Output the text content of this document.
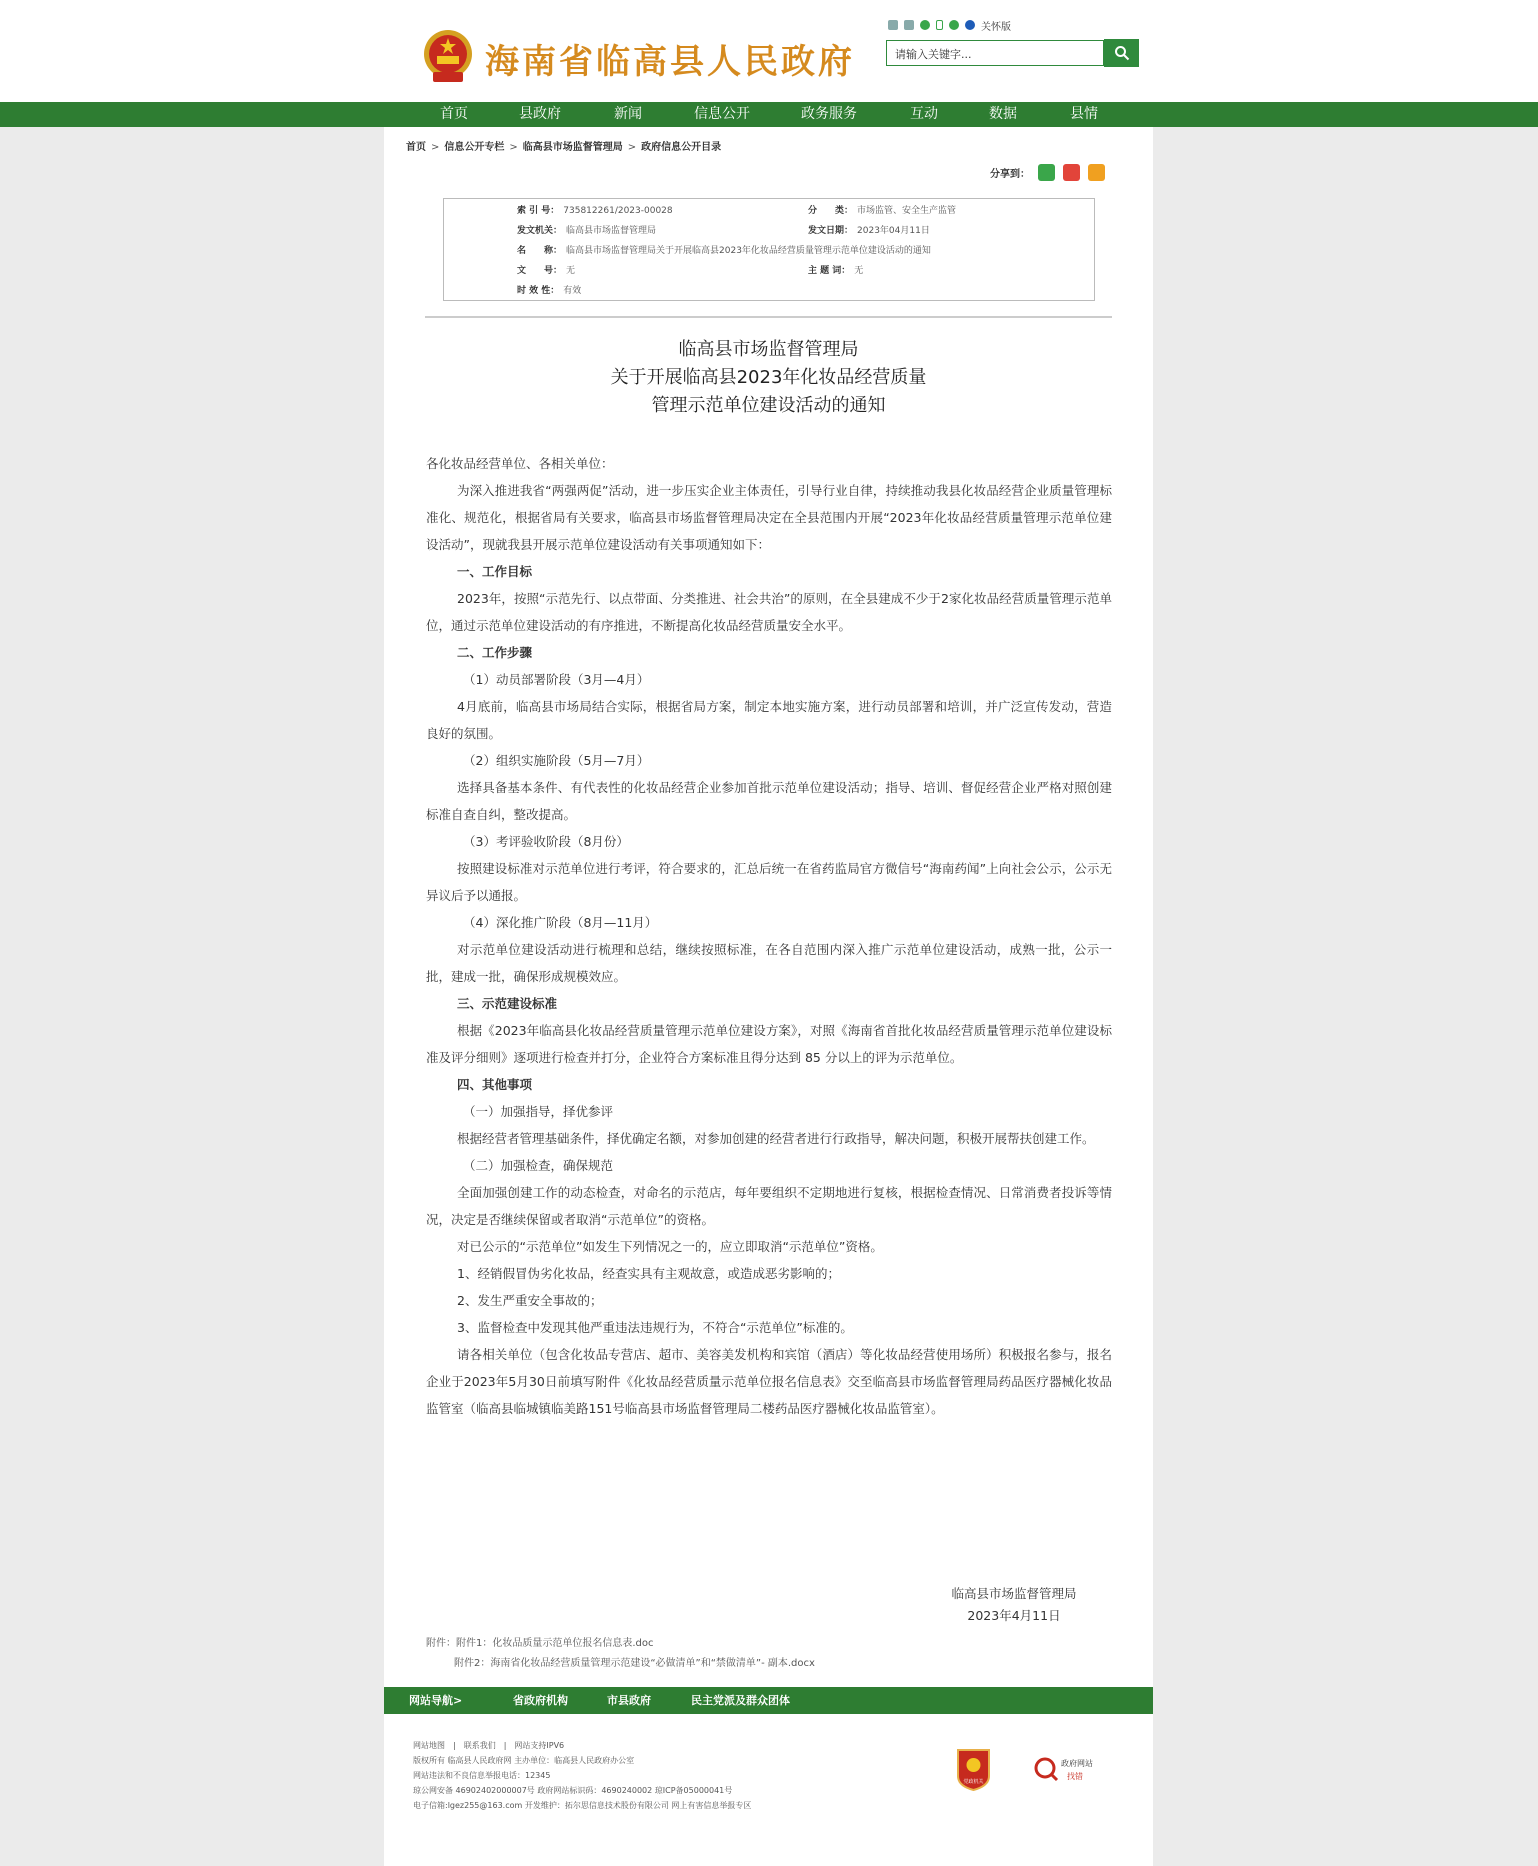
海南省临高县人民政府
关怀版
请输入关键字...
首页	县政府	新闻	信息公开	政务服务	互动	数据	县情
首页 > 信息公开专栏 > 临高县市场监督管理局 > 政府信息公开目录
分享到：
索 引 号： 735812261/2023-00028	分　　类： 市场监管、安全生产监管
发文机关： 临高县市场监督管理局	发文日期： 2023年04月11日
名　　称： 临高县市场监督管理局关于开展临高县2023年化妆品经营质量管理示范单位建设活动的通知
文　　号： 无	主 题 词： 无
时 效 性： 有效
临高县市场监督管理局
关于开展临高县2023年化妆品经营质量
管理示范单位建设活动的通知

各化妆品经营单位、各相关单位：

为深入推进我省“两强两促”活动，进一步压实企业主体责任，引导行业自律，持续推动我县化妆品经营企业质量管理标准化、规范化，根据省局有关要求，临高县市场监督管理局决定在全县范围内开展“2023年化妆品经营质量管理示范单位建设活动”，现就我县开展示范单位建设活动有关事项通知如下：

一、工作目标

2023年，按照“示范先行、以点带面、分类推进、社会共治”的原则，在全县建成不少于2家化妆品经营质量管理示范单位，通过示范单位建设活动的有序推进，不断提高化妆品经营质量安全水平。

二、工作步骤

（1）动员部署阶段（3月—4月）

4月底前，临高县市场局结合实际，根据省局方案，制定本地实施方案，进行动员部署和培训，并广泛宣传发动，营造良好的氛围。

（2）组织实施阶段（5月—7月）

选择具备基本条件、有代表性的化妆品经营企业参加首批示范单位建设活动；指导、培训、督促经营企业严格对照创建标准自查自纠，整改提高。

（3）考评验收阶段（8月份）

按照建设标准对示范单位进行考评，符合要求的，汇总后统一在省药监局官方微信号“海南药闻”上向社会公示，公示无异议后予以通报。

（4）深化推广阶段（8月—11月）

对示范单位建设活动进行梳理和总结，继续按照标准，在各自范围内深入推广示范单位建设活动，成熟一批，公示一批，建成一批，确保形成规模效应。

三、示范建设标准

根据《2023年临高县化妆品经营质量管理示范单位建设方案》，对照《海南省首批化妆品经营质量管理示范单位建设标准及评分细则》逐项进行检查并打分，企业符合方案标准且得分达到 85 分以上的评为示范单位。

四、其他事项

（一）加强指导，择优参评

根据经营者管理基础条件，择优确定名额，对参加创建的经营者进行行政指导，解决问题，积极开展帮扶创建工作。

（二）加强检查，确保规范

全面加强创建工作的动态检查，对命名的示范店，每年要组织不定期地进行复核，根据检查情况、日常消费者投诉等情况，决定是否继续保留或者取消“示范单位”的资格。

对已公示的“示范单位”如发生下列情况之一的，应立即取消“示范单位”资格。

1、经销假冒伪劣化妆品，经查实具有主观故意，或造成恶劣影响的；

2、发生严重安全事故的；

3、监督检查中发现其他严重违法违规行为，不符合“示范单位”标准的。

请各相关单位（包含化妆品专营店、超市、美容美发机构和宾馆（酒店）等化妆品经营使用场所）积极报名参与，报名企业于2023年5月30日前填写附件《化妆品经营质量示范单位报名信息表》交至临高县市场监督管理局药品医疗器械化妆品监管室（临高县临城镇临美路151号临高县市场监督管理局二楼药品医疗器械化妆品监管室）。

临高县市场监督管理局
2023年4月11日
附件：附件1：化妆品质量示范单位报名信息表.doc
附件2：海南省化妆品经营质量管理示范建设“必做清单”和“禁做清单”- 副本.docx
网站导航>	省政府机构	市县政府	民主党派及群众团体
网站地图 | 联系我们 | 网站支持IPV6
版权所有 临高县人民政府网 主办单位：临高县人民政府办公室
网站违法和不良信息举报电话：12345
琼公网安备 46902402000007号 政府网站标识码：4690240002 琼ICP备05000041号
电子信箱:lgez255@163.com 开发维护：拓尔思信息技术股份有限公司 网上有害信息举报专区
党政机关
政府网站
找错
